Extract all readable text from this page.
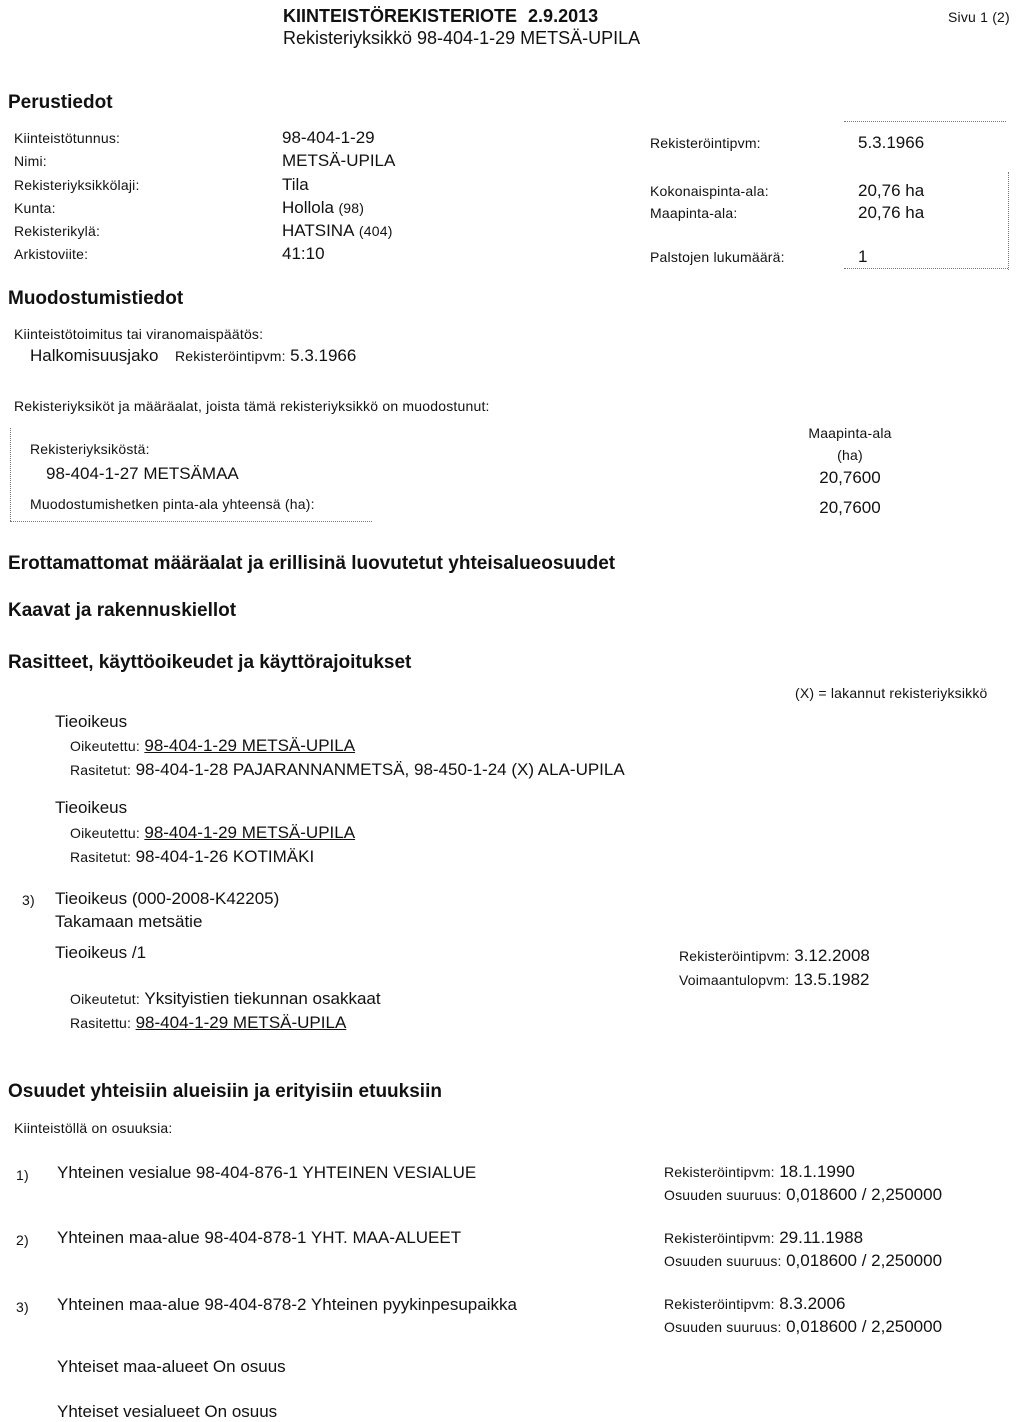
KIINTEISTÖREKISTERIOTE 2.9.2013
Rekisteriyksikkö 98-404-1-29 METSÄ-UPILA
Sivu 1 (2)
Perustiedot
Kiinteistötunnus:	98-404-1-29
Nimi:	METSÄ-UPILA
Rekisteriyksikkölaji:	Tila
Kunta:	Hollola (98)
Rekisterikylä:	HATSINA (404)
Arkistoviite:	41:10
Rekisteröintipvm:	5.3.1966
Kokonaispinta-ala:	20,76 ha
Maapinta-ala:	20,76 ha
Palstojen lukumäärä:	1
Muodostumistiedot
Kiinteistötoimitus tai viranomaispäätös:
Halkomisuusjako Rekisteröintipvm: 5.3.1966
Rekisteriyksiköt ja määräalat, joista tämä rekisteriyksikkö on muodostunut:
Maapinta-ala
(ha)
Rekisteriyksiköstä:
98-404-1-27 METSÄMAA	20,7600
Muodostumishetken pinta-ala yhteensä (ha):	20,7600
Erottamattomat määräalat ja erillisinä luovutetut yhteisalueosuudet
Kaavat ja rakennuskiellot
Rasitteet, käyttöoikeudet ja käyttörajoitukset
(X) = lakannut rekisteriyksikkö
Tieoikeus
Oikeutettu: 98-404-1-29 METSÄ-UPILA
Rasitetut: 98-404-1-28 PAJARANNANMETSÄ, 98-450-1-24 (X) ALA-UPILA
Tieoikeus
Oikeutettu: 98-404-1-29 METSÄ-UPILA
Rasitetut: 98-404-1-26 KOTIMÄKI
3) Tieoikeus (000-2008-K42205)
Takamaan metsätie
Tieoikeus /1	Rekisteröintipvm: 3.12.2008
Voimaantulopvm: 13.5.1982
Oikeutetut: Yksityistien tiekunnan osakkaat
Rasitettu: 98-404-1-29 METSÄ-UPILA
Osuudet yhteisiin alueisiin ja erityisiin etuuksiin
Kiinteistöllä on osuuksia:
1) Yhteinen vesialue 98-404-876-1 YHTEINEN VESIALUE	Rekisteröintipvm: 18.1.1990
Osuuden suuruus: 0,018600 / 2,250000
2) Yhteinen maa-alue 98-404-878-1 YHT. MAA-ALUEET	Rekisteröintipvm: 29.11.1988
Osuuden suuruus: 0,018600 / 2,250000
3) Yhteinen maa-alue 98-404-878-2 Yhteinen pyykinpesupaikka	Rekisteröintipvm: 8.3.2006
Osuuden suuruus: 0,018600 / 2,250000
Yhteiset maa-alueet On osuus
Yhteiset vesialueet On osuus
